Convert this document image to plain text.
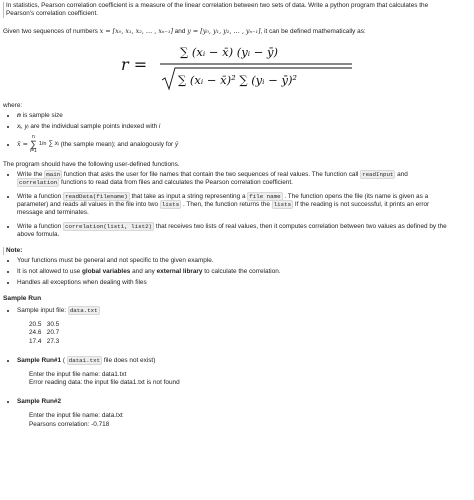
In statistics, Pearson correlation coefficient is a measure of the linear correlation between two sets of data. Write a python program that calculates the

Pearson's correlation coefficient.

Given two sequences of numbers x = [x₀, x₁, x₂, … , xₙ₋₁] and y = [y₀, y₁, y₂, … , yₙ₋₁], it can be defined mathematically as:

r =
∑ (xᵢ − x̄) (yᵢ − ȳ)
∑ (xᵢ − x̄)² ∑ (yᵢ − ȳ)²

where:

• n is sample size
• xᵢ, yᵢ are the individual sample points indexed with i
• x̄ =
n
∑
i=1
1/n ∑ xᵢ (the sample mean); and analogously for ȳ

The program should have the following user-defined functions.

• Write the main function that asks the user for file names that contain the two sequences of real values. The function call readInput and
correlation functions to read data from files and calculates the Pearson correlation coefficient.
• Write a function readData(filename) that take as input a string representing a file name . The function opens the file (its name is given as a
parameter) and reads all values in the file into two lists . Then, the function returns the lists If the reading is not successful, it prints an error
message and terminates.
• Write a function correlation(list1, list2) that receives two lists of real values, then it computes correlation between two values as defined by the
above formula.

Note:

• Your functions must be general and not specific to the given example.
• It is not allowed to use global variables and any external library to calculate the correlation.
• Handles all exceptions when dealing with files

Sample Run

• Sample input file: data.txt
20.5   30.5
24.6   20.7
17.4   27.3
• Sample Run#1 ( data1.txt file does not exist)
Enter the input file name: data1.txt
Error reading data: the input file data1.txt is not found
• Sample Run#2
Enter the input file name: data.txt
Pearsons correlation: -0.718
